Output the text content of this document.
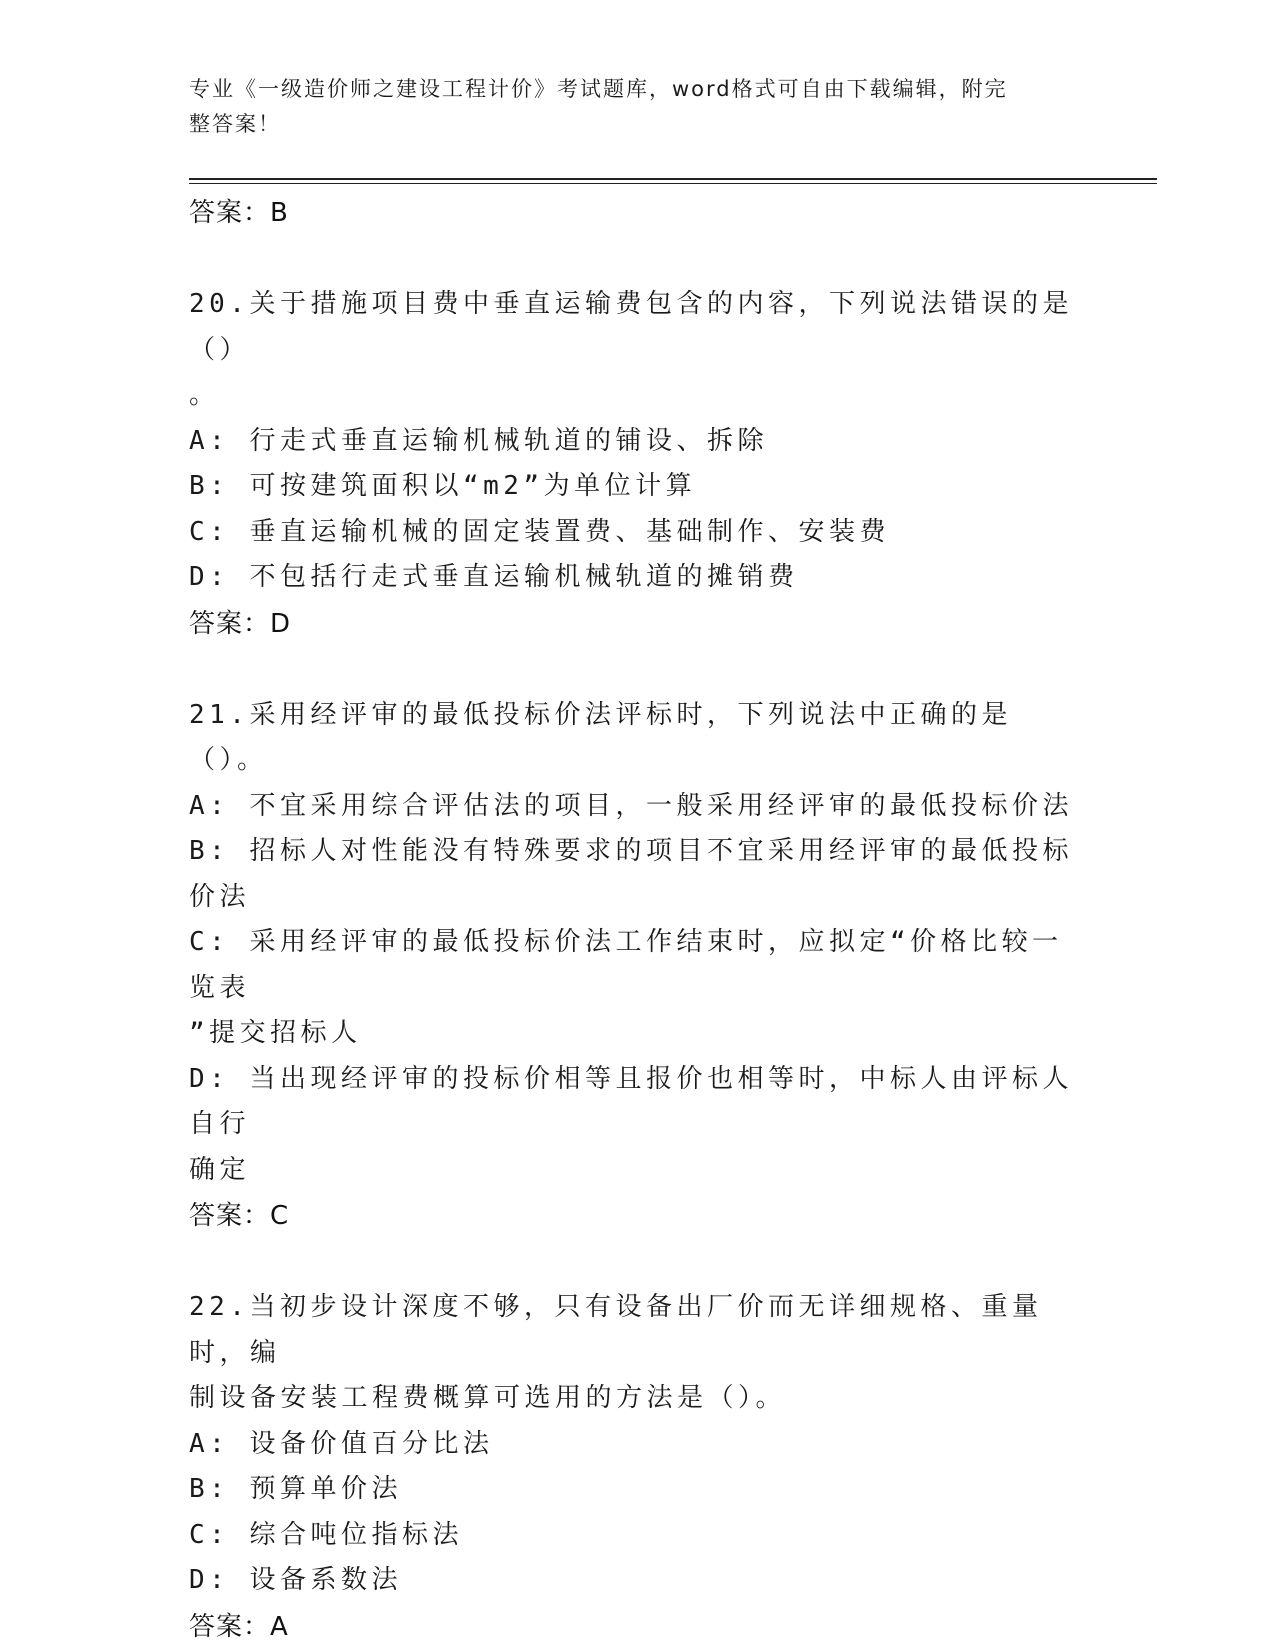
专业《一级造价师之建设工程计价》考试题库，word格式可自由下载编辑，附完
整答案！
答案：B
20.关于措施项目费中垂直运输费包含的内容，下列说法错误的是（）
。
A: 行走式垂直运输机械轨道的铺设、拆除
B: 可按建筑面积以“m2”为单位计算
C: 垂直运输机械的固定装置费、基础制作、安装费
D: 不包括行走式垂直运输机械轨道的摊销费
答案：D
21.采用经评审的最低投标价法评标时，下列说法中正确的是（）。
A: 不宜采用综合评估法的项目，一般采用经评审的最低投标价法
B: 招标人对性能没有特殊要求的项目不宜采用经评审的最低投标价法
C: 采用经评审的最低投标价法工作结束时，应拟定“价格比较一览表
”提交招标人
D: 当出现经评审的投标价相等且报价也相等时，中标人由评标人自行
确定
答案：C
22.当初步设计深度不够，只有设备出厂价而无详细规格、重量时，编
制设备安装工程费概算可选用的方法是（）。
A: 设备价值百分比法
B: 预算单价法
C: 综合吨位指标法
D: 设备系数法
答案：A
